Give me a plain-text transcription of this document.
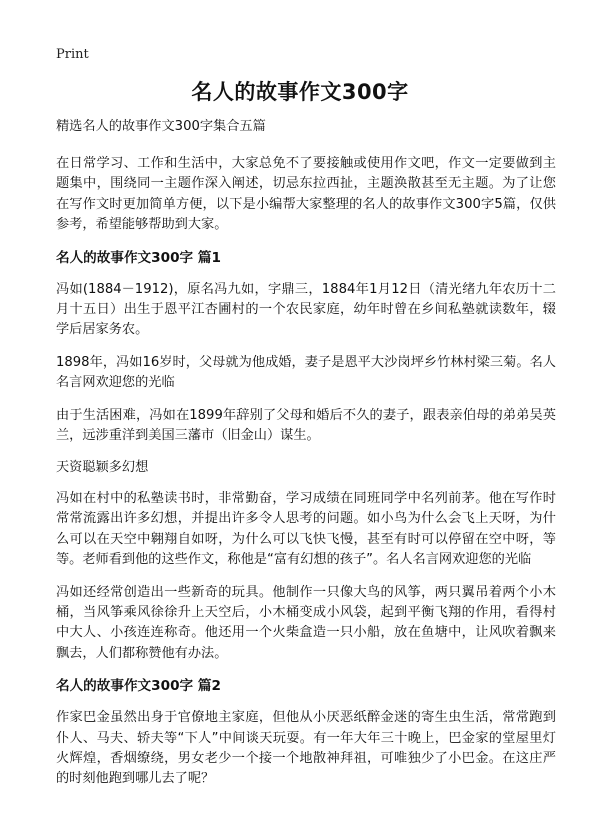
Print
名人的故事作文300字
精选名人的故事作文300字集合五篇

在日常学习、工作和生活中，大家总免不了要接触或使用作文吧，作文一定要做到主题集中，围绕同一主题作深入阐述，切忌东拉西扯，主题涣散甚至无主题。为了让您在写作文时更加简单方便，以下是小编帮大家整理的名人的故事作文300字5篇，仅供参考，希望能够帮助到大家。

名人的故事作文300字 篇1

冯如(1884－1912)，原名冯九如，字鼎三，1884年1月12日（清光绪九年农历十二月十五日）出生于恩平江杏圃村的一个农民家庭，幼年时曾在乡间私塾就读数年，辍学后居家务农。

1898年，冯如16岁时，父母就为他成婚，妻子是恩平大沙岗坪乡竹林村梁三菊。名人名言网欢迎您的光临

由于生活困难，冯如在1899年辞别了父母和婚后不久的妻子，跟表亲伯母的弟弟吴英兰，远涉重洋到美国三藩市（旧金山）谋生。

天资聪颖多幻想

冯如在村中的私塾读书时，非常勤奋，学习成绩在同班同学中名列前茅。他在写作时常常流露出许多幻想，并提出许多令人思考的问题。如小鸟为什么会飞上天呀，为什么可以在天空中翱翔自如呀，为什么可以飞快飞慢，甚至有时可以停留在空中呀，等等。老师看到他的这些作文，称他是“富有幻想的孩子”。名人名言网欢迎您的光临

冯如还经常创造出一些新奇的玩具。他制作一只像大鸟的风筝，两只翼吊着两个小木桶，当风筝乘风徐徐升上天空后，小木桶变成小风袋，起到平衡飞翔的作用，看得村中大人、小孩连连称奇。他还用一个火柴盒造一只小船，放在鱼塘中，让风吹着飘来飘去，人们都称赞他有办法。

名人的故事作文300字 篇2

作家巴金虽然出身于官僚地主家庭，但他从小厌恶纸醉金迷的寄生虫生活，常常跑到仆人、马夫、轿夫等“下人”中间谈天玩耍。有一年大年三十晚上，巴金家的堂屋里灯火辉煌，香烟缭绕，男女老少一个接一个地散神拜祖，可唯独少了小巴金。在这庄严的时刻他跑到哪儿去了呢？
